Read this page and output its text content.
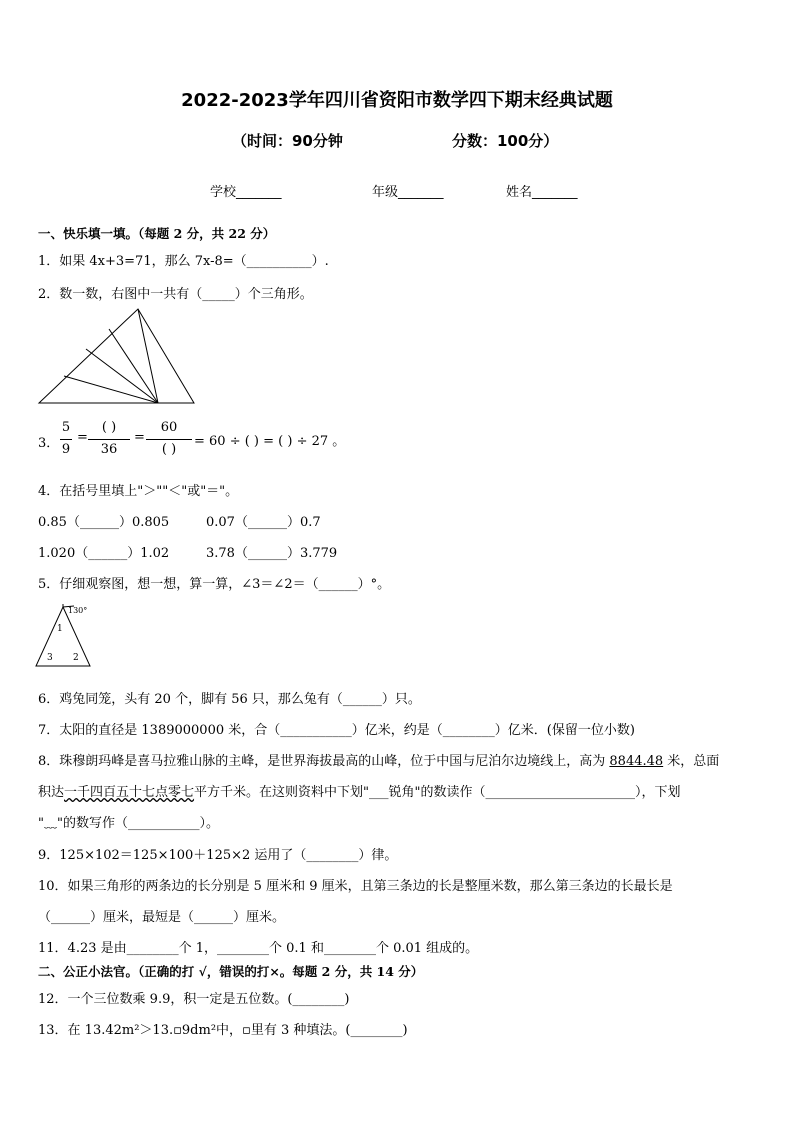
2022-2023学年四川省资阳市数学四下期末经典试题
（时间：90分钟	分数：100分）
学校_______	年级_______	姓名_______
一、快乐填一填。（每题 2 分，共 22 分）
1．如果 4x+3=71，那么 7x-8=（__________）.
2．数一数，右图中一共有（_____）个三角形。
3．
5
9
=
( )
36
=
60
( )
= 60 ÷ ( ) = ( ) ÷ 27 。
4．在括号里填上"＞""＜"或"＝"。
0.85（______）0.805	0.07（______）0.7
1.020（______）1.02	3.78（______）3.779
5．仔细观察图，想一想，算一算，∠3＝∠2＝（______）°。
130°
1
2
3
6．鸡兔同笼，头有 20 个，脚有 56 只，那么兔有（______）只。
7．太阳的直径是 1389000000 米，合（___________）亿米，约是（________）亿米．(保留一位小数)
8．珠穆朗玛峰是喜马拉雅山脉的主峰，是世界海拔最高的山峰，位于中国与尼泊尔边境线上，高为 8844.48 米，总面
积达一千四百五十七点零七平方千米。在这则资料中下划"___锐角"的数读作（_______________________），下划
"﹏"的数写作（___________）。
9．125×102＝125×100＋125×2 运用了（________）律。
10．如果三角形的两条边的长分别是 5 厘米和 9 厘米，且第三条边的长是整厘米数，那么第三条边的长最长是
（______）厘米，最短是（______）厘米。
11．4.23 是由________个 1，________个 0.1 和________个 0.01 组成的。
二、公正小法官。（正确的打 √，错误的打×。每题 2 分，共 14 分）
12．一个三位数乘 9.9，积一定是五位数。(________)
13．在 13.42m²＞13.▫9dm²中，▫里有 3 种填法。(________)
